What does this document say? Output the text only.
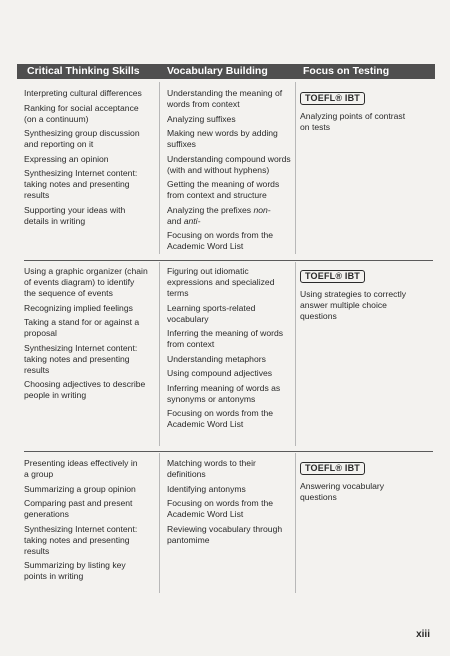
Critical Thinking Skills	Vocabulary Building	Focus on Testing

Interpreting cultural differences

Ranking for social acceptance
(on a continuum)

Synthesizing group discussion
and reporting on it

Expressing an opinion

Synthesizing Internet content:
taking notes and presenting
results

Supporting your ideas with
details in writing

Understanding the meaning of
words from context

Analyzing suffixes

Making new words by adding
suffixes

Understanding compound words
(with and without hyphens)

Getting the meaning of words
from context and structure

Analyzing the prefixes non-
and anti-

Focusing on words from the
Academic Word List

TOEFL® IBT

Analyzing points of contrast
on tests

Using a graphic organizer (chain
of events diagram) to identify
the sequence of events

Recognizing implied feelings

Taking a stand for or against a
proposal

Synthesizing Internet content:
taking notes and presenting
results

Choosing adjectives to describe
people in writing

Figuring out idiomatic
expressions and specialized
terms

Learning sports-related
vocabulary

Inferring the meaning of words
from context

Understanding metaphors

Using compound adjectives

Inferring meaning of words as
synonyms or antonyms

Focusing on words from the
Academic Word List

TOEFL® IBT

Using strategies to correctly
answer multiple choice
questions

Presenting ideas effectively in
a group

Summarizing a group opinion

Comparing past and present
generations

Synthesizing Internet content:
taking notes and presenting
results

Summarizing by listing key
points in writing

Matching words to their
definitions

Identifying antonyms

Focusing on words from the
Academic Word List

Reviewing vocabulary through
pantomime

TOEFL® IBT

Answering vocabulary
questions

xiii
